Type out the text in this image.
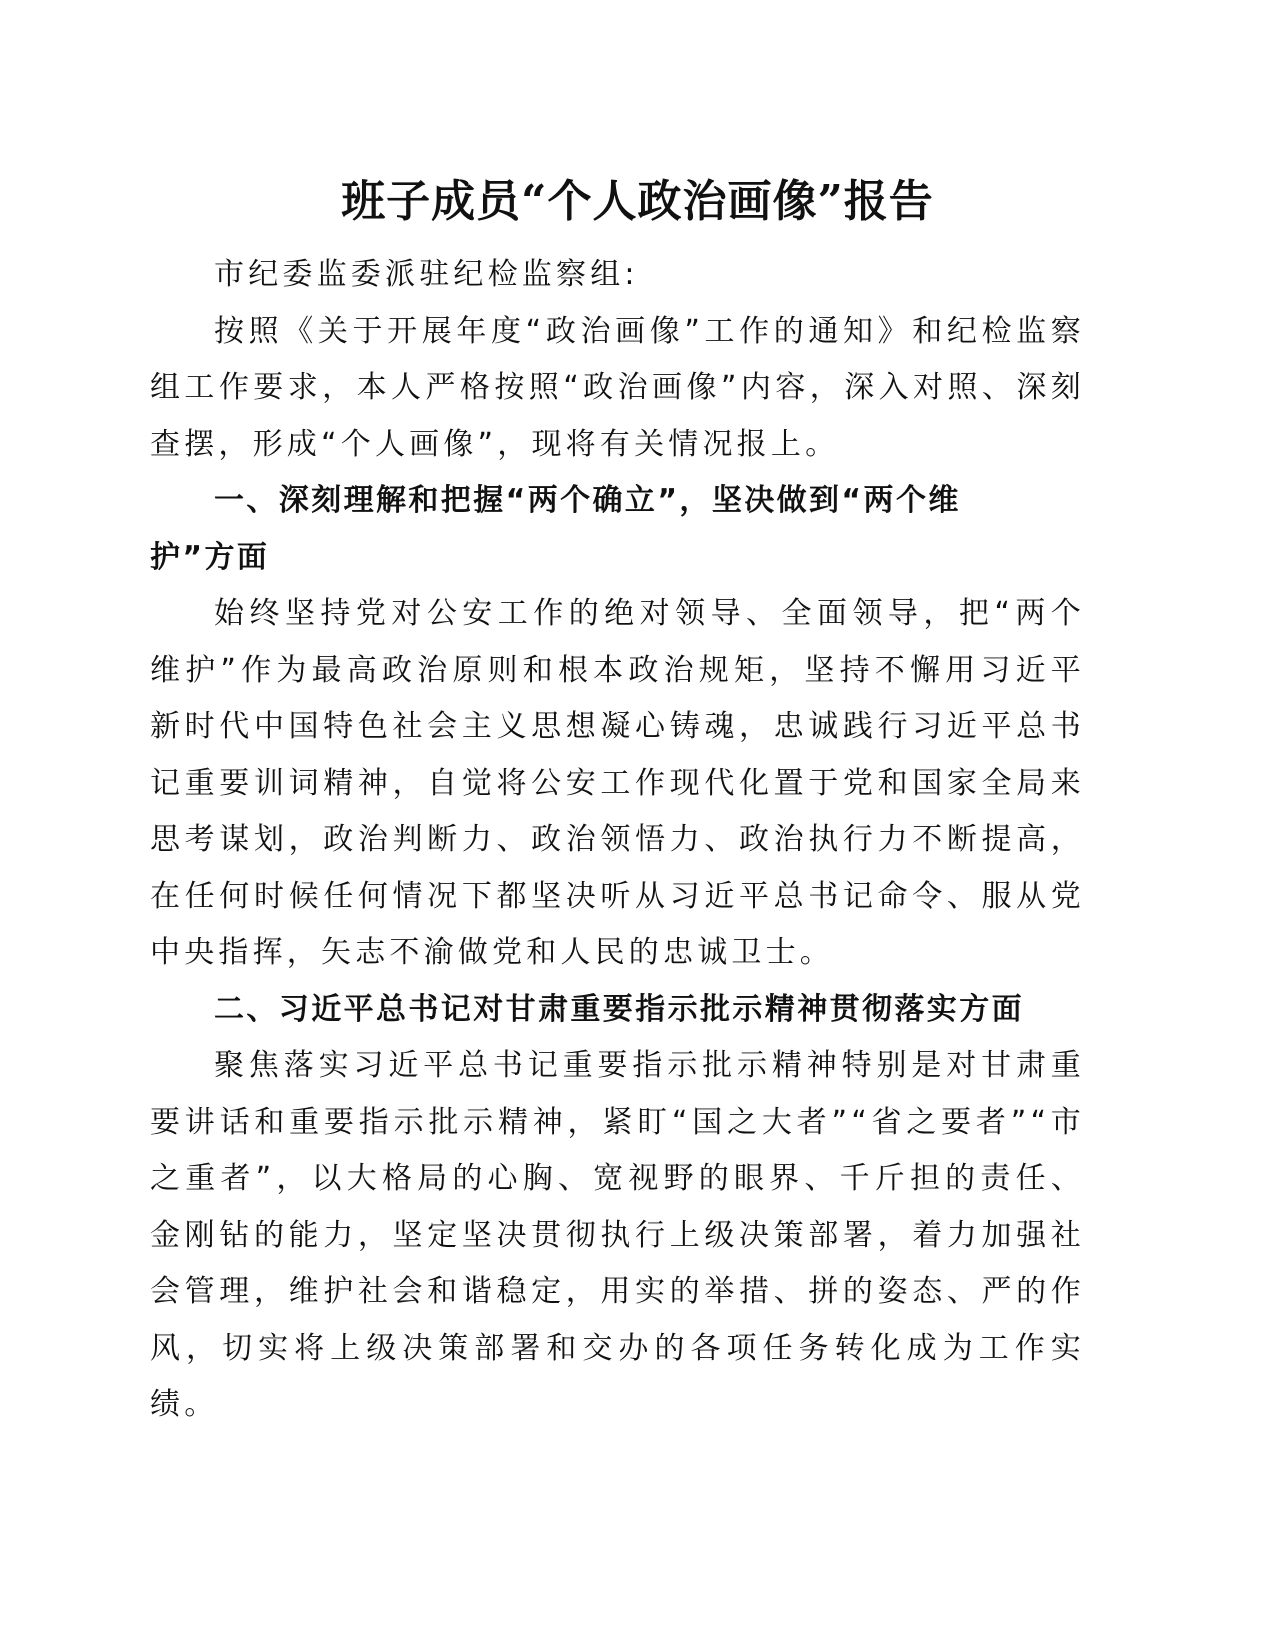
班子成员“个人政治画像”报告

市纪委监委派驻纪检监察组:

按照《关于开展年度“政治画像”工作的通知》和纪检监察组工作要求，本人严格按照“政治画像”内容，深入对照、深刻查摆，形成“个人画像”，现将有关情况报上。

一、深刻理解和把握“两个确立”，坚决做到“两个维护”方面

始终坚持党对公安工作的绝对领导、全面领导，把“两个维护”作为最高政治原则和根本政治规矩，坚持不懈用习近平新时代中国特色社会主义思想凝心铸魂，忠诚践行习近平总书记重要训词精神，自觉将公安工作现代化置于党和国家全局来思考谋划，政治判断力、政治领悟力、政治执行力不断提高，在任何时候任何情况下都坚决听从习近平总书记命令、服从党中央指挥，矢志不渝做党和人民的忠诚卫士。

二、习近平总书记对甘肃重要指示批示精神贯彻落实方面

聚焦落实习近平总书记重要指示批示精神特别是对甘肃重要讲话和重要指示批示精神，紧盯“国之大者”“省之要者”“市之重者”，以大格局的心胸、宽视野的眼界、千斤担的责任、金刚钻的能力，坚定坚决贯彻执行上级决策部署，着力加强社会管理，维护社会和谐稳定，用实的举措、拼的姿态、严的作风，切实将上级决策部署和交办的各项任务转化成为工作实绩。
